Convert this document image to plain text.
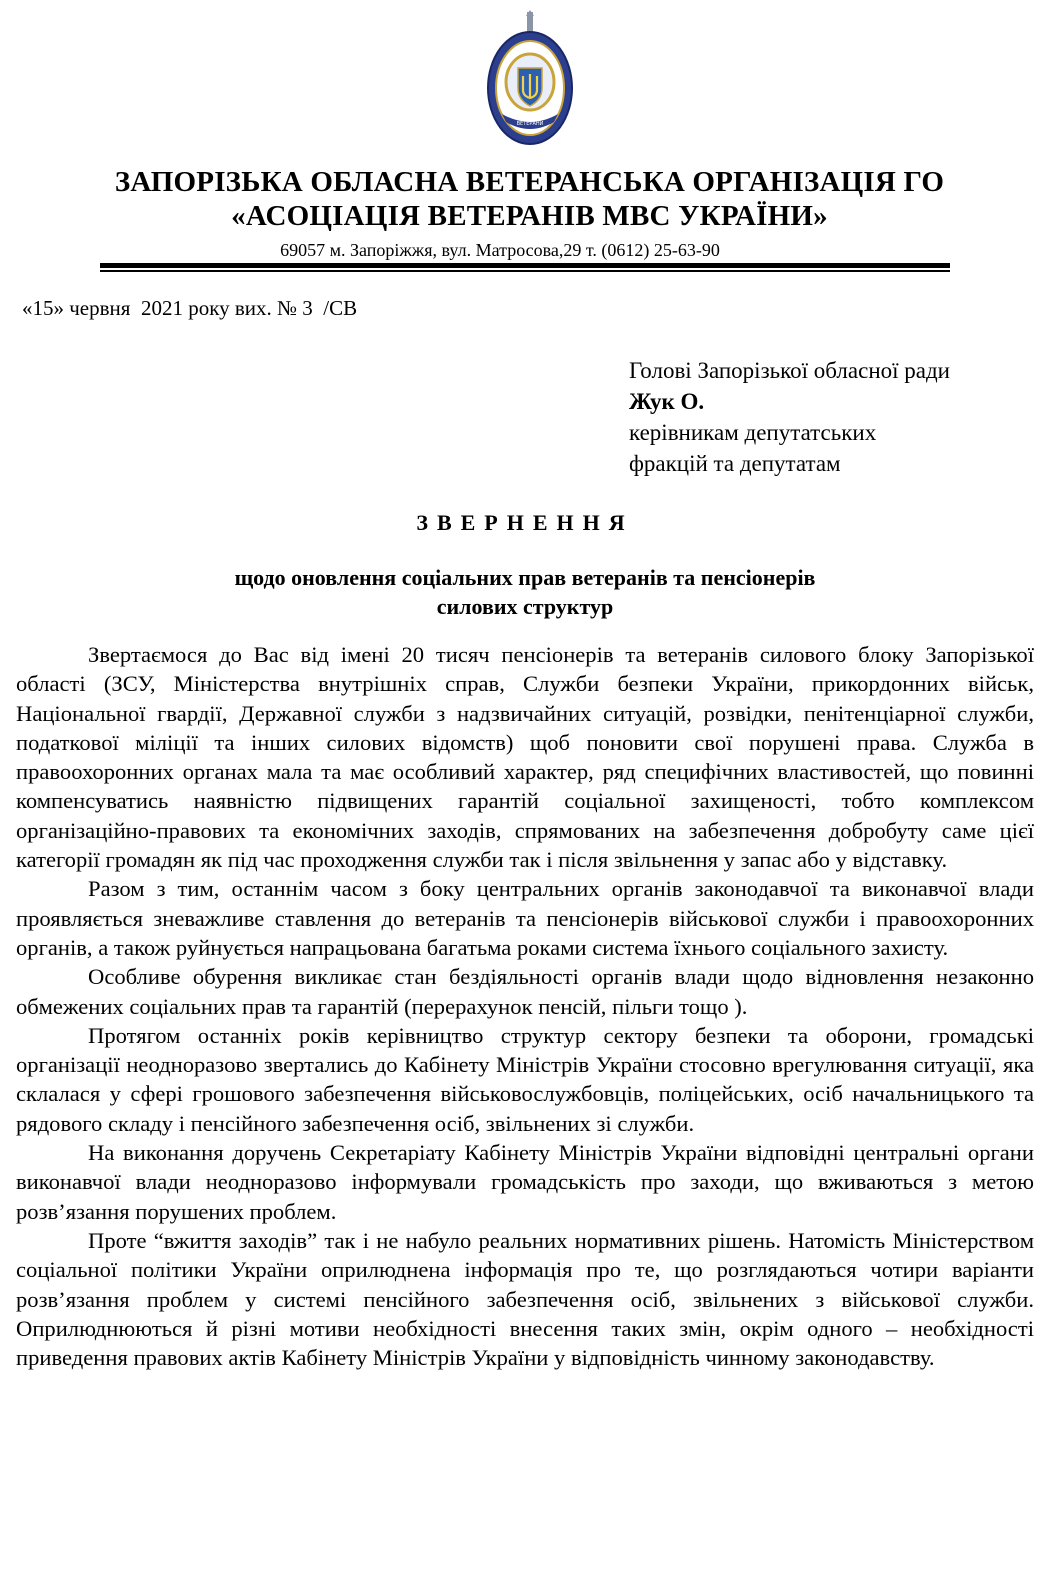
ВЕТЕРАНИ
ЗАПОРІЗЬКА ОБЛАСНА ВЕТЕРАНСЬКА ОРГАНІЗАЦІЯ ГО
«АСОЦІАЦІЯ ВЕТЕРАНІВ МВС УКРАЇНИ»
69057 м. Запоріжжя, вул. Матросова,29 т. (0612) 25-63-90
«15» червня  2021 року вих. № 3  /СВ
Голові Запорізької обласної ради
Жук О.
керівникам депутатських
фракцій та депутатам
ЗВЕРНЕННЯ
щодо оновлення соціальних прав ветеранів та пенсіонерів
силових структур

Звертаємося до Вас від імені 20 тисяч пенсіонерів та ветеранів силового блоку Запорізької області (ЗСУ, Міністерства внутрішніх справ, Служби безпеки України, прикордонних військ, Національної гвардії, Державної служби з надзвичайних ситуацій, розвідки, пенітенціарної служби, податкової міліції та інших силових відомств) щоб поновити свої порушені права. Служба в правоохоронних органах мала та має особливий характер, ряд специфічних властивостей, що повинні компенсуватись наявністю підвищених гарантій соціальної захищеності, тобто комплексом організаційно-правових та економічних заходів, спрямованих на забезпечення добробуту саме цієї категорії громадян як під час проходження служби так і після звільнення у запас або у відставку.

Разом з тим, останнім часом з боку центральних органів законодавчої та виконавчої влади проявляється зневажливе ставлення до ветеранів та пенсіонерів військової служби і правоохоронних органів, а також руйнується напрацьована багатьма роками система їхнього соціального захисту.

Особливе обурення викликає стан бездіяльності органів влади щодо відновлення незаконно обмежених соціальних прав та гарантій (перерахунок пенсій, пільги тощо ).

Протягом останніх років керівництво структур сектору безпеки та оборони, громадські організації неодноразово звертались до Кабінету Міністрів України стосовно врегулювання ситуації, яка склалася у сфері грошового забезпечення військовослужбовців, поліцейських, осіб начальницького та рядового складу і пенсійного забезпечення осіб, звільнених зі служби.

На виконання доручень Секретаріату Кабінету Міністрів України відповідні центральні органи виконавчої влади неодноразово інформували громадськість про заходи, що вживаються з метою розв’язання порушених проблем.

Проте “вжиття заходів” так і не набуло реальних нормативних рішень. Натомість Міністерством соціальної політики України оприлюднена інформація про те, що розглядаються чотири варіанти розв’язання проблем у системі пенсійного забезпечення осіб, звільнених з військової служби. Оприлюднюються й різні мотиви необхідності внесення таких змін, окрім одного – необхідності приведення правових актів Кабінету Міністрів України у відповідність чинному законодавству.
